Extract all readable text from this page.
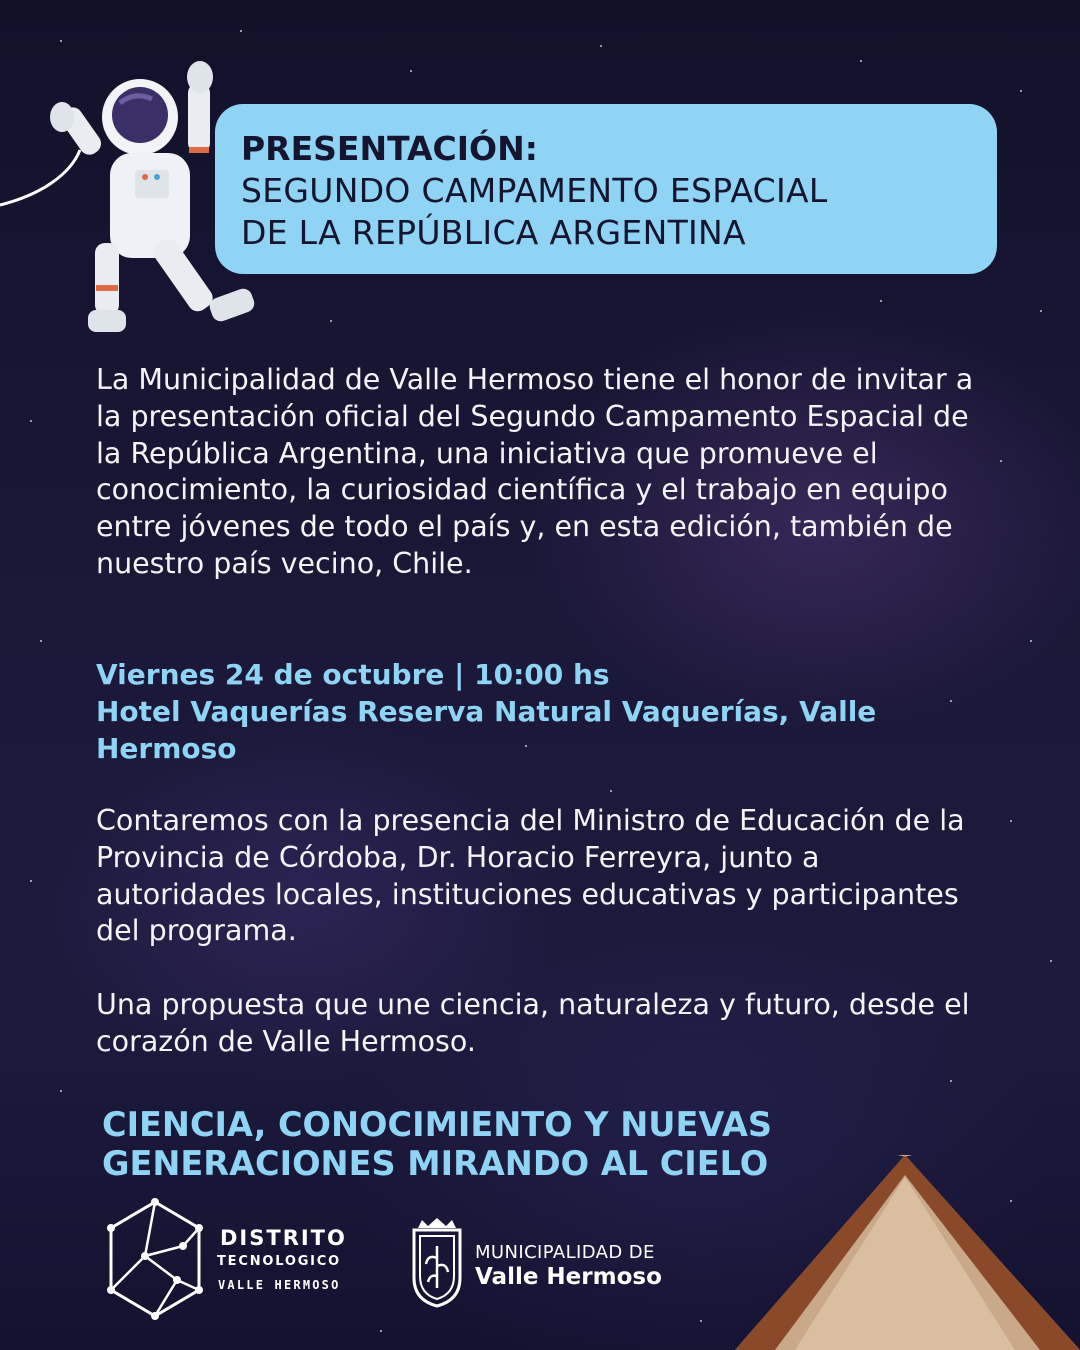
PRESENTACIÓN:
SEGUNDO CAMPAMENTO ESPACIAL
DE LA REPÚBLICA ARGENTINA

La Municipalidad de Valle Hermoso tiene el honor de invitar a la presentación oficial del Segundo Campamento Espacial de la República Argentina, una iniciativa que promueve el conocimiento, la curiosidad científica y el trabajo en equipo entre jóvenes de todo el país y, en esta edición, también de nuestro país vecino, Chile.

Viernes 24 de octubre | 10:00 hs
Hotel Vaquerías Reserva Natural Vaquerías, Valle Hermoso

Contaremos con la presencia del Ministro de Educación de la Provincia de Córdoba, Dr. Horacio Ferreyra, junto a autoridades locales, instituciones educativas y participantes del programa.

Una propuesta que une ciencia, naturaleza y futuro, desde el corazón de Valle Hermoso.

CIENCIA, CONOCIMIENTO Y NUEVAS GENERACIONES MIRANDO AL CIELO

DISTRITO
TECNOLOGICO
VALLE HERMOSO
MUNICIPALIDAD DE
Valle Hermoso
